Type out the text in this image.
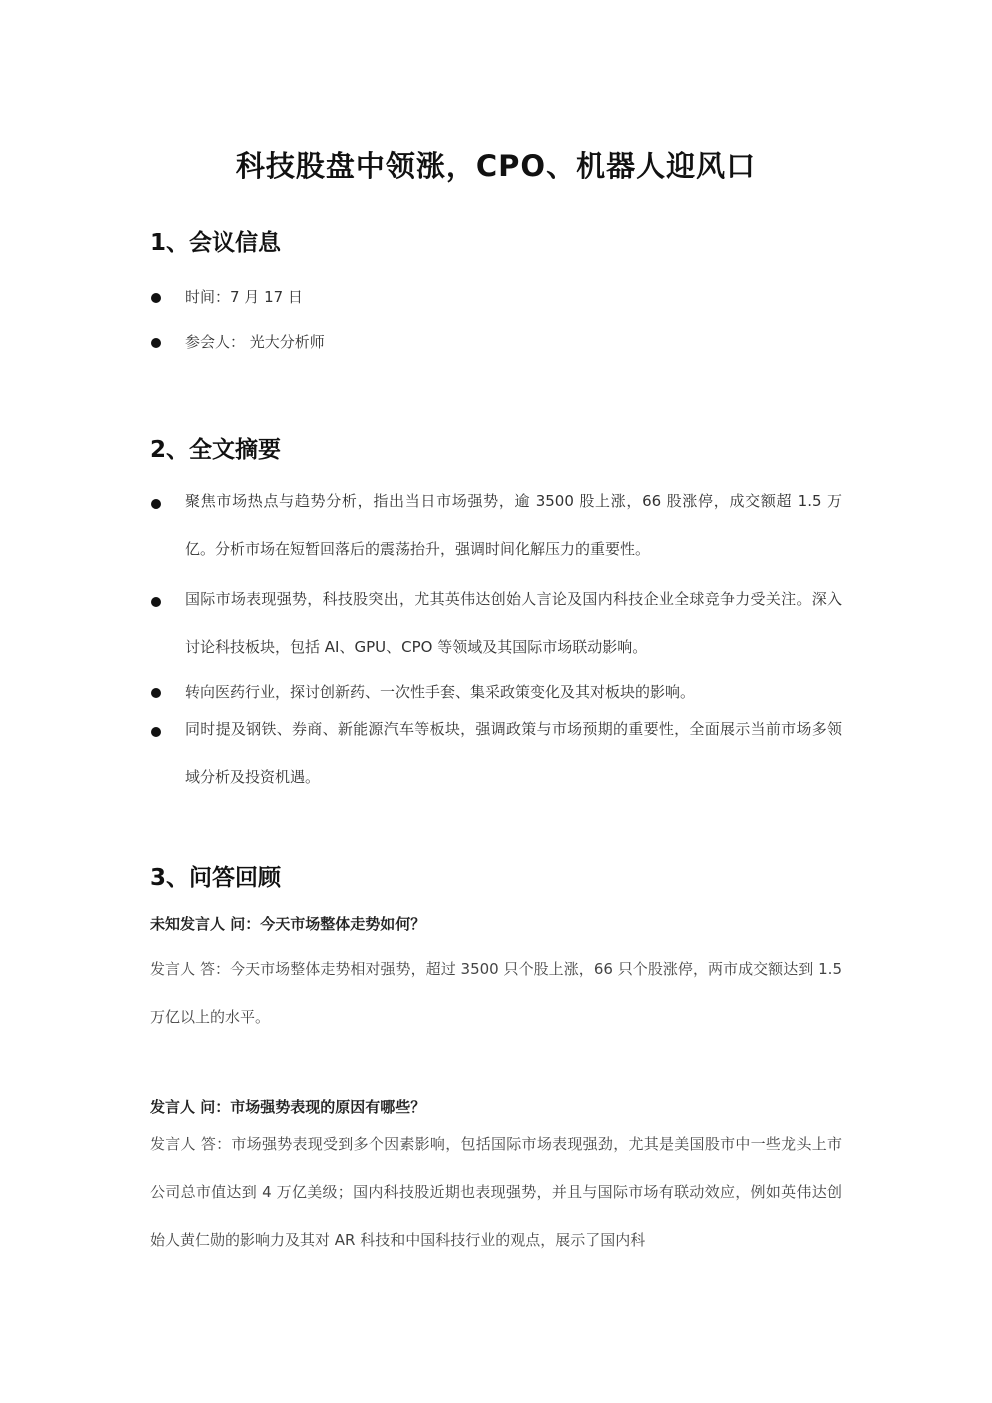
科技股盘中领涨，CPO、机器人迎风口
1、会议信息
时间：7 月 17 日
参会人： 光大分析师
2、全文摘要
聚焦市场热点与趋势分析，指出当日市场强势，逾 3500 股上涨，66 股涨停，成交额超 1.5 万亿。分析市场在短暂回落后的震荡抬升，强调时间化解压力的重要性。
国际市场表现强势，科技股突出，尤其英伟达创始人言论及国内科技企业全球竞争力受关注。深入讨论科技板块，包括 AI、GPU、CPO 等领域及其国际市场联动影响。
转向医药行业，探讨创新药、一次性手套、集采政策变化及其对板块的影响。
同时提及钢铁、券商、新能源汽车等板块，强调政策与市场预期的重要性，全面展示当前市场多领域分析及投资机遇。
3、问答回顾
未知发言人 问：今天市场整体走势如何？
发言人 答：今天市场整体走势相对强势，超过 3500 只个股上涨，66 只个股涨停，两市成交额达到 1.5 万亿以上的水平。
发言人 问：市场强势表现的原因有哪些？
发言人 答：市场强势表现受到多个因素影响，包括国际市场表现强劲，尤其是美国股市中一些龙头上市公司总市值达到 4 万亿美级；国内科技股近期也表现强势，并且与国际市场有联动效应，例如英伟达创始人黄仁勋的影响力及其对 AR 科技和中国科技行业的观点，展示了国内科
